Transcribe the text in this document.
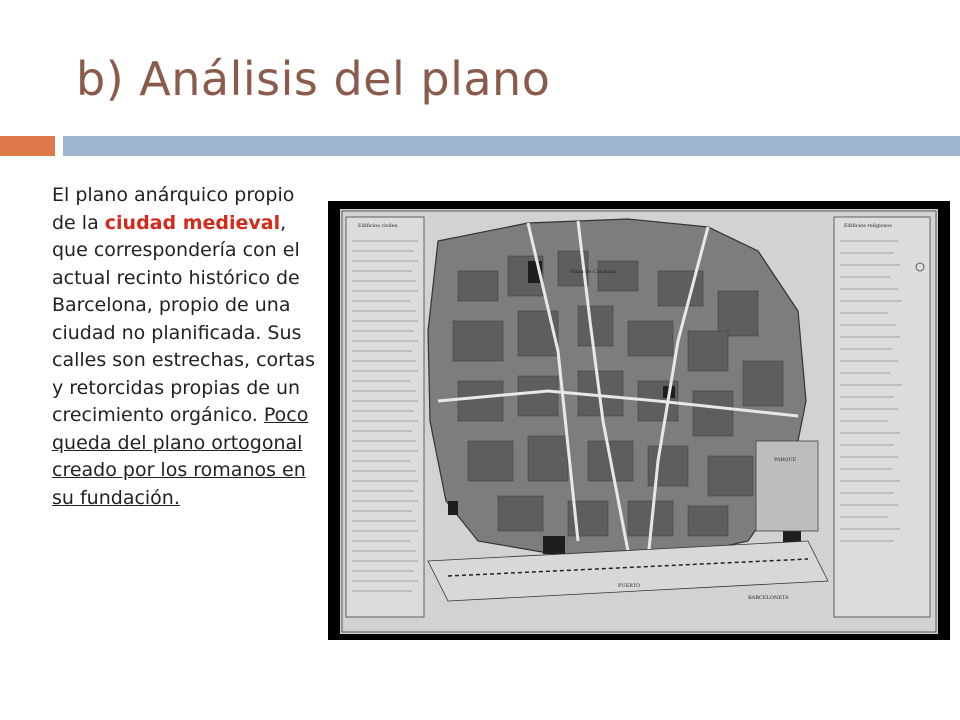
b) Análisis del plano

El plano anárquico propio de la ciudad medieval, que correspondería con el actual recinto histórico de Barcelona, propio de una ciudad no planificada. Sus calles son estrechas, cortas y retorcidas propias de un crecimiento orgánico. Poco queda del plano ortogonal creado por los romanos en su fundación.

Edificios civiles	Edificios religiosos
PARQUE
Plaza de Cataluña
PUERTO
BARCELONETA
